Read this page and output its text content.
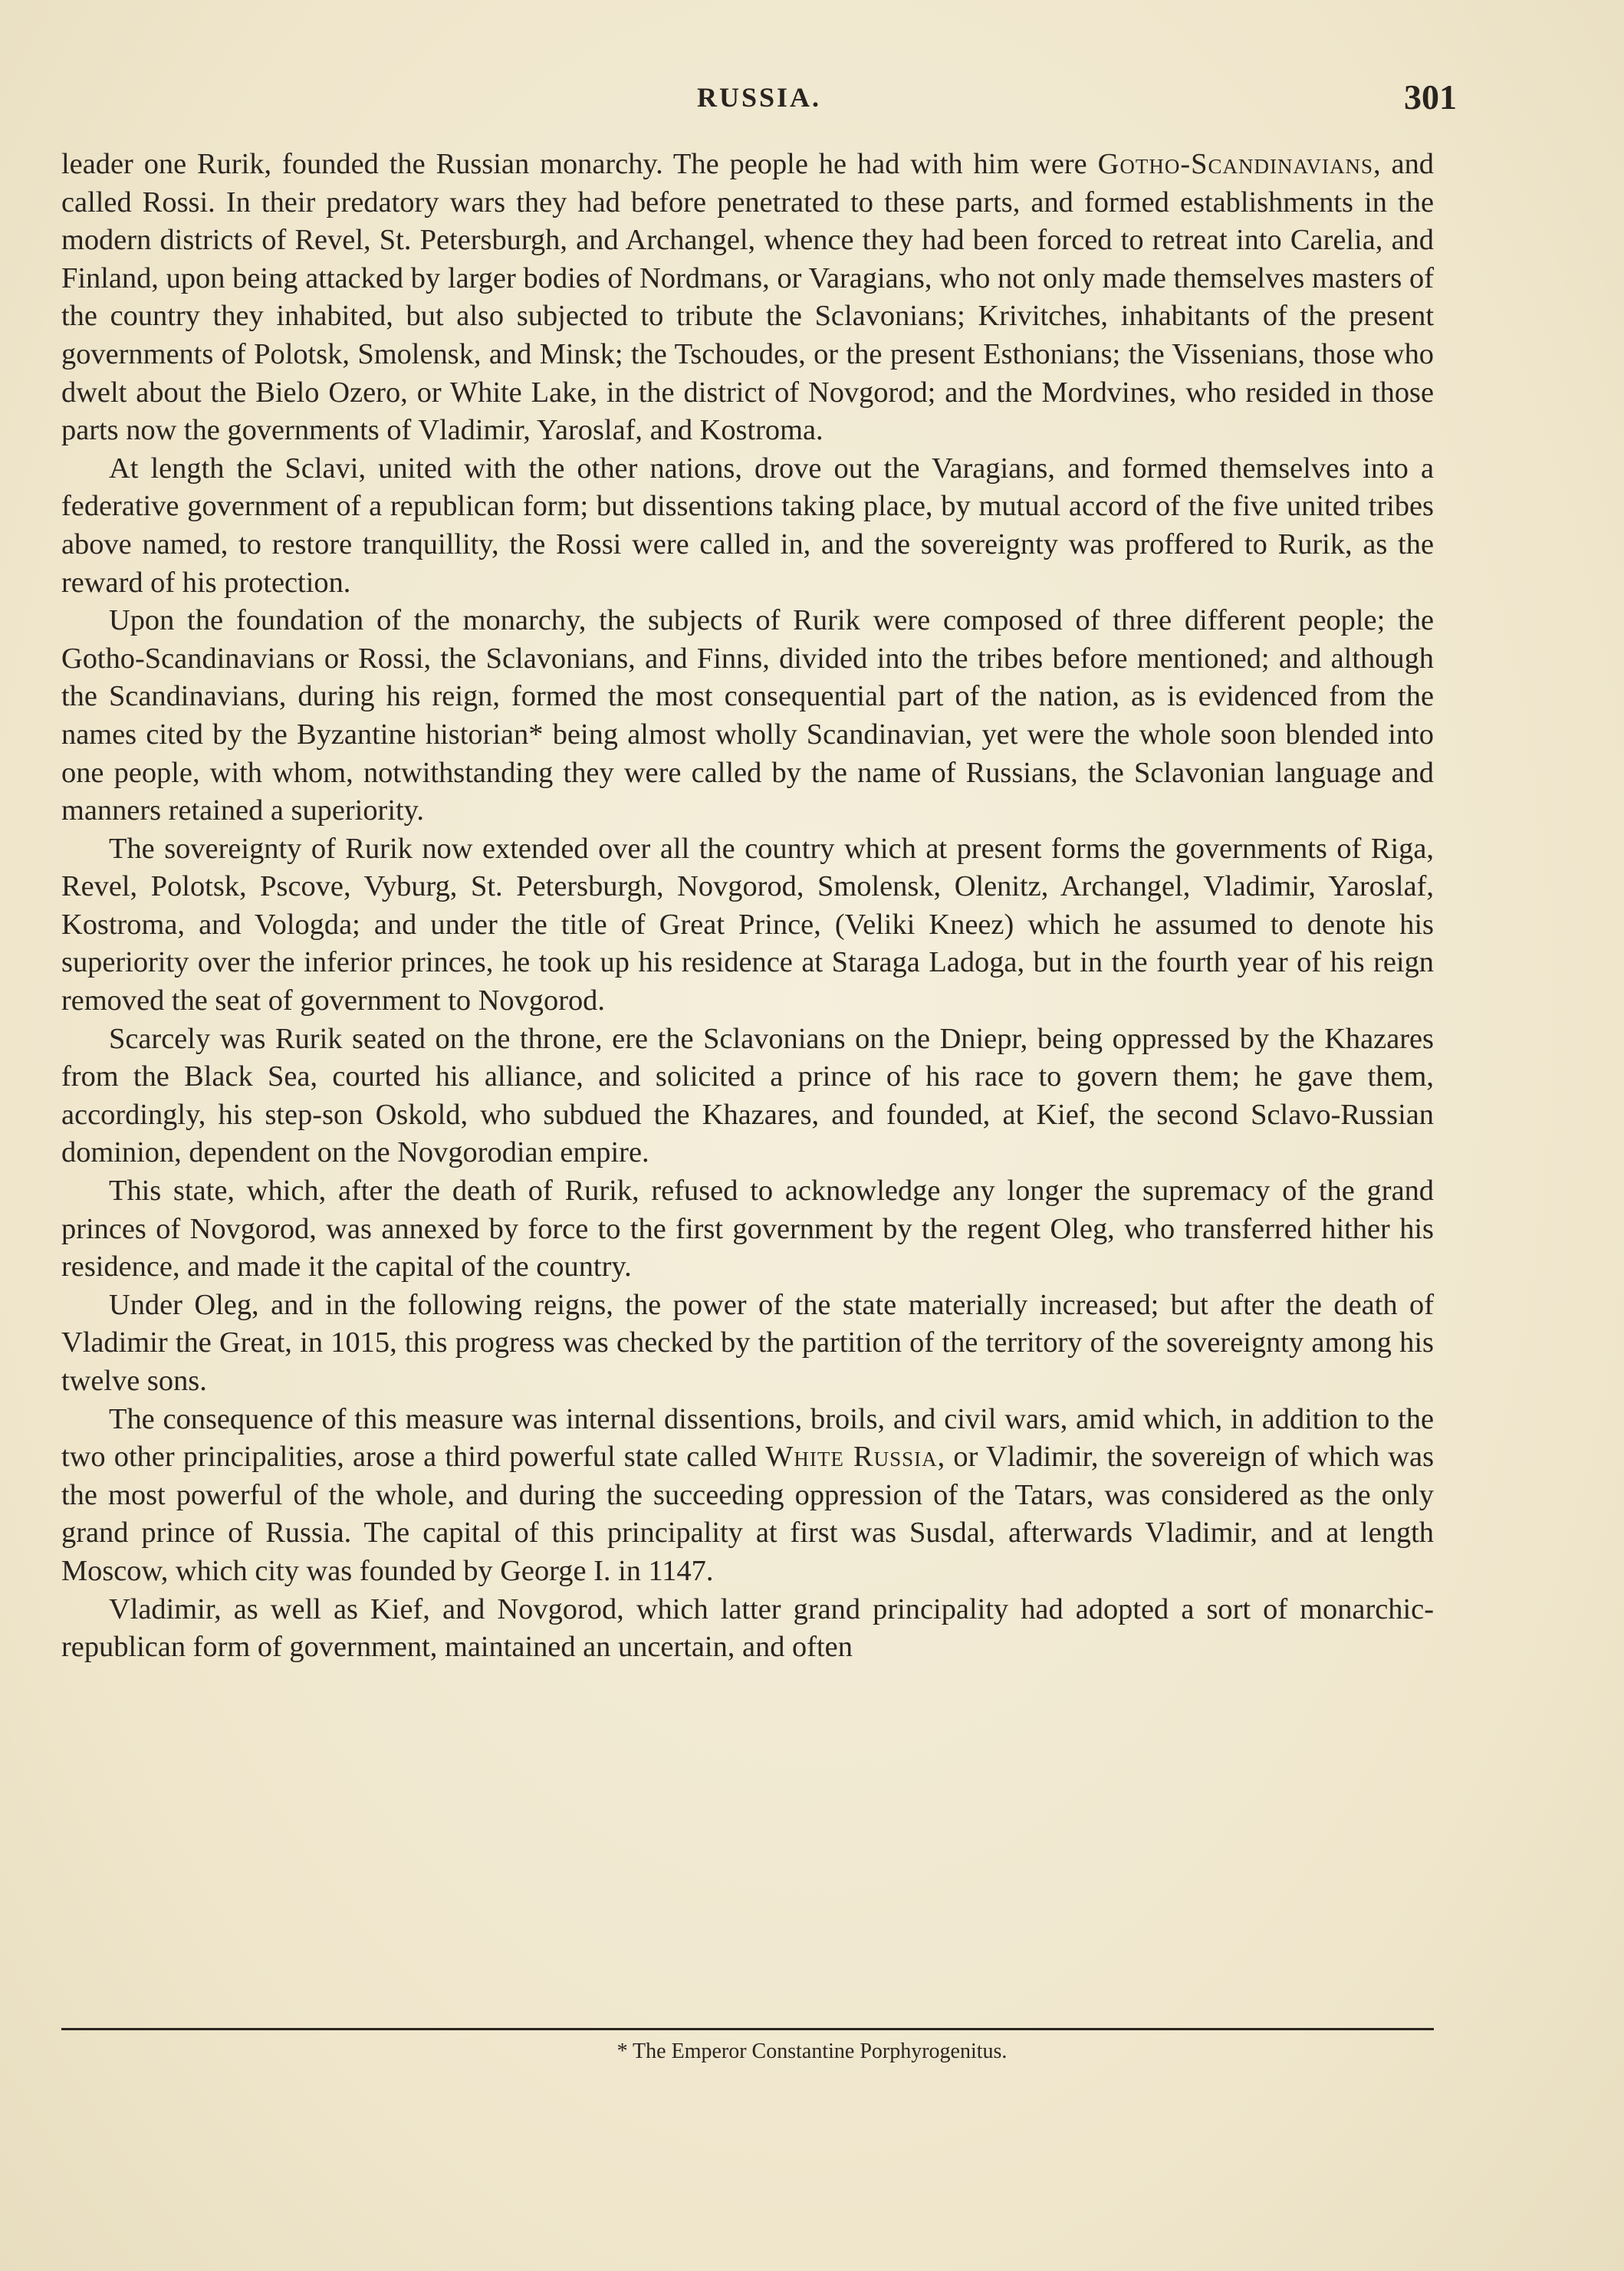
RUSSIA.	301

leader one Rurik, founded the Russian monarchy. The people he had with him were Gotho-Scandinavians, and called Rossi. In their predatory wars they had before penetrated to these parts, and formed establishments in the modern districts of Revel, St. Petersburgh, and Archangel, whence they had been forced to retreat into Carelia, and Finland, upon being attacked by larger bodies of Nordmans, or Varagians, who not only made themselves masters of the country they inhabited, but also subjected to tribute the Sclavonians; Krivitches, inhabitants of the present governments of Polotsk, Smolensk, and Minsk; the Tschoudes, or the present Esthonians; the Vissenians, those who dwelt about the Bielo Ozero, or White Lake, in the district of Novgorod; and the Mordvines, who resided in those parts now the governments of Vladimir, Yaroslaf, and Kostroma.

At length the Sclavi, united with the other nations, drove out the Varagians, and formed themselves into a federative government of a republican form; but dissentions taking place, by mutual accord of the five united tribes above named, to restore tranquillity, the Rossi were called in, and the sovereignty was proffered to Rurik, as the reward of his protection.

Upon the foundation of the monarchy, the subjects of Rurik were composed of three different people; the Gotho-Scandinavians or Rossi, the Sclavonians, and Finns, divided into the tribes before mentioned; and although the Scandinavians, during his reign, formed the most consequential part of the nation, as is evidenced from the names cited by the Byzantine historian* being almost wholly Scandinavian, yet were the whole soon blended into one people, with whom, notwithstanding they were called by the name of Russians, the Sclavonian language and manners retained a superiority.

The sovereignty of Rurik now extended over all the country which at present forms the governments of Riga, Revel, Polotsk, Pscove, Vyburg, St. Petersburgh, Novgorod, Smolensk, Olenitz, Archangel, Vladimir, Yaroslaf, Kostroma, and Vologda; and under the title of Great Prince, (Veliki Kneez) which he assumed to denote his superiority over the inferior princes, he took up his residence at Staraga Ladoga, but in the fourth year of his reign removed the seat of government to Novgorod.

Scarcely was Rurik seated on the throne, ere the Sclavonians on the Dniepr, being oppressed by the Khazares from the Black Sea, courted his alliance, and solicited a prince of his race to govern them; he gave them, accordingly, his step-son Oskold, who subdued the Khazares, and founded, at Kief, the second Sclavo-Russian dominion, dependent on the Novgorodian empire.

This state, which, after the death of Rurik, refused to acknowledge any longer the supremacy of the grand princes of Novgorod, was annexed by force to the first government by the regent Oleg, who transferred hither his residence, and made it the capital of the country.

Under Oleg, and in the following reigns, the power of the state materially increased; but after the death of Vladimir the Great, in 1015, this progress was checked by the partition of the territory of the sovereignty among his twelve sons.

The consequence of this measure was internal dissentions, broils, and civil wars, amid which, in addition to the two other principalities, arose a third powerful state called White Russia, or Vladimir, the sovereign of which was the most powerful of the whole, and during the succeeding oppression of the Tatars, was considered as the only grand prince of Russia. The capital of this principality at first was Susdal, afterwards Vladimir, and at length Moscow, which city was founded by George I. in 1147.

Vladimir, as well as Kief, and Novgorod, which latter grand principality had adopted a sort of monarchic-republican form of government, maintained an uncertain, and often

* The Emperor Constantine Porphyrogenitus.
